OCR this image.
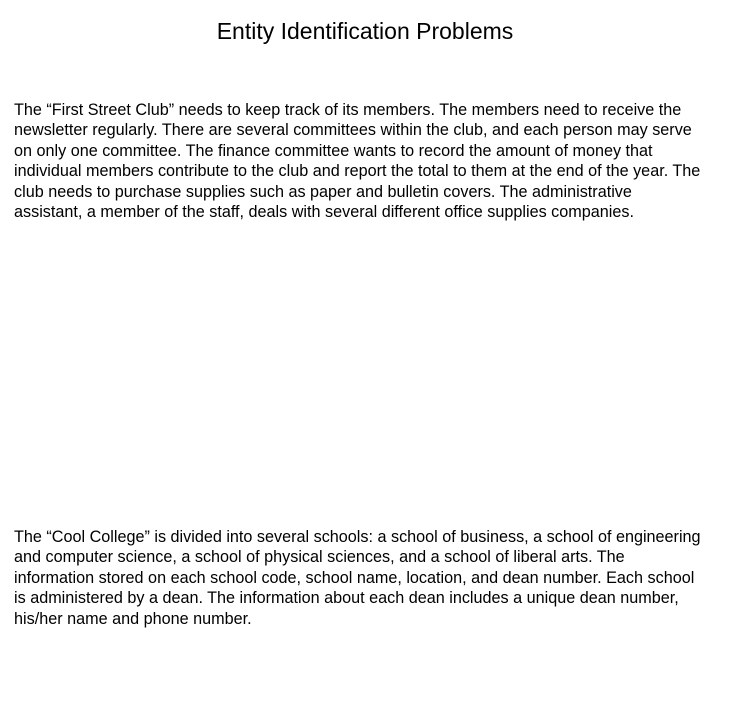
Entity Identification Problems

The “First Street Club” needs to keep track of its members. The members need to receive the
newsletter regularly. There are several committees within the club, and each person may serve
on only one committee. The finance committee wants to record the amount of money that
individual members contribute to the club and report the total to them at the end of the year. The
club needs to purchase supplies such as paper and bulletin covers. The administrative
assistant, a member of the staff, deals with several different office supplies companies.

The “Cool College” is divided into several schools: a school of business, a school of engineering
and computer science, a school of physical sciences, and a school of liberal arts. The
information stored on each school code, school name, location, and dean number. Each school
is administered by a dean. The information about each dean includes a unique dean number,
his/her name and phone number.
